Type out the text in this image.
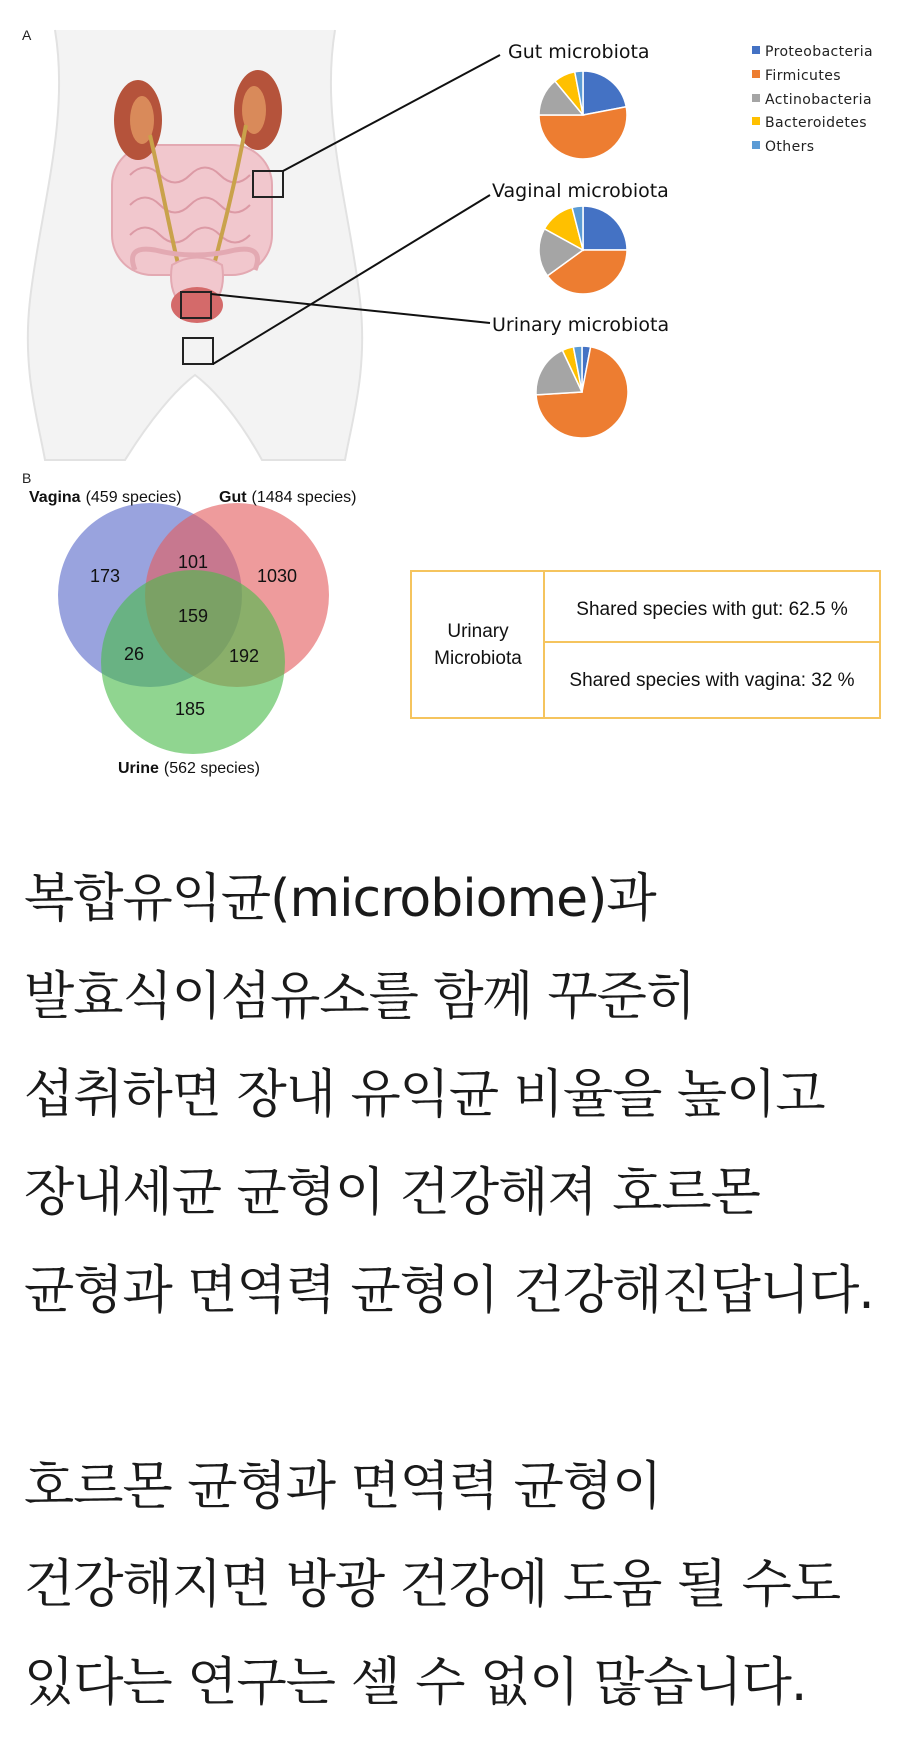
A
Gut microbiota
Vaginal microbiota
Urinary microbiota
Proteobacteria
Firmicutes
Actinobacteria
Bacteroidetes
Others
B
173
101
1030
159
26	192
185
Vagina (459 species) Gut (1484 species)
Urine (562 species)
Urinary
Microbiota
Shared species with gut: 62.5 %
Shared species with vagina: 32 %

복합유익균(microbiome)과 발효식이섬유소를 함께 꾸준히 섭취하면 장내 유익균 비율을 높이고 장내세균 균형이 건강해져 호르몬 균형과 면역력 균형이 건강해진답니다.

호르몬 균형과 면역력 균형이 건강해지면 방광 건강에 도움 될 수도 있다는 연구는 셀 수 없이 많습니다.
